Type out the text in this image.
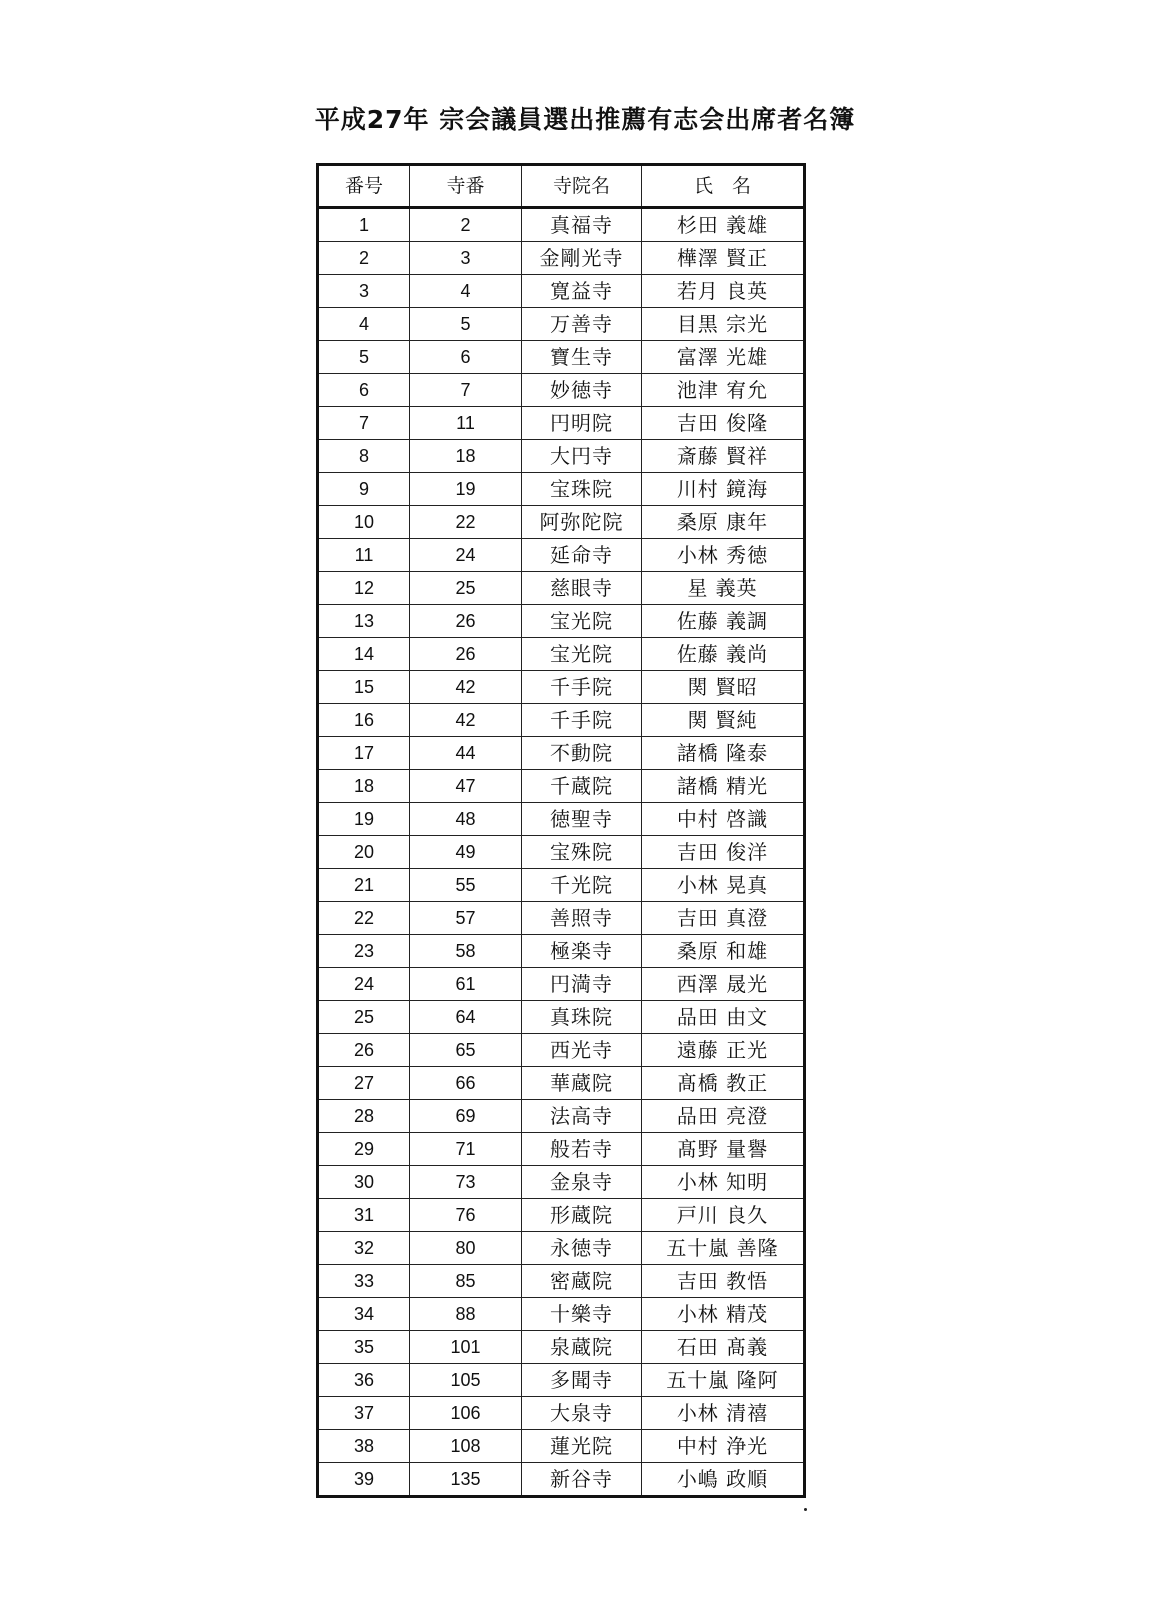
平成27年 宗会議員選出推薦有志会出席者名簿
番号	寺番	寺院名	氏　名
1	2	真福寺	杉田 義雄
2	3	金剛光寺	樺澤 賢正
3	4	寛益寺	若月 良英
4	5	万善寺	目黒 宗光
5	6	寶生寺	富澤 光雄
6	7	妙徳寺	池津 宥允
7	11	円明院	吉田 俊隆
8	18	大円寺	斎藤 賢祥
9	19	宝珠院	川村 鏡海
10	22	阿弥陀院	桑原 康年
11	24	延命寺	小林 秀徳
12	25	慈眼寺	星 義英
13	26	宝光院	佐藤 義調
14	26	宝光院	佐藤 義尚
15	42	千手院	関 賢昭
16	42	千手院	関 賢純
17	44	不動院	諸橋 隆泰
18	47	千蔵院	諸橋 精光
19	48	徳聖寺	中村 啓識
20	49	宝殊院	吉田 俊洋
21	55	千光院	小林 晃真
22	57	善照寺	吉田 真澄
23	58	極楽寺	桑原 和雄
24	61	円満寺	西澤 晟光
25	64	真珠院	品田 由文
26	65	西光寺	遠藤 正光
27	66	華蔵院	髙橋 教正
28	69	法高寺	品田 亮澄
29	71	般若寺	髙野 量譽
30	73	金泉寺	小林 知明
31	76	形蔵院	戸川 良久
32	80	永徳寺	五十嵐 善隆
33	85	密蔵院	吉田 教悟
34	88	十樂寺	小林 精茂
35	101	泉蔵院	石田 髙義
36	105	多聞寺	五十嵐 隆阿
37	106	大泉寺	小林 清禧
38	108	蓮光院	中村 浄光
39	135	新谷寺	小嶋 政順
